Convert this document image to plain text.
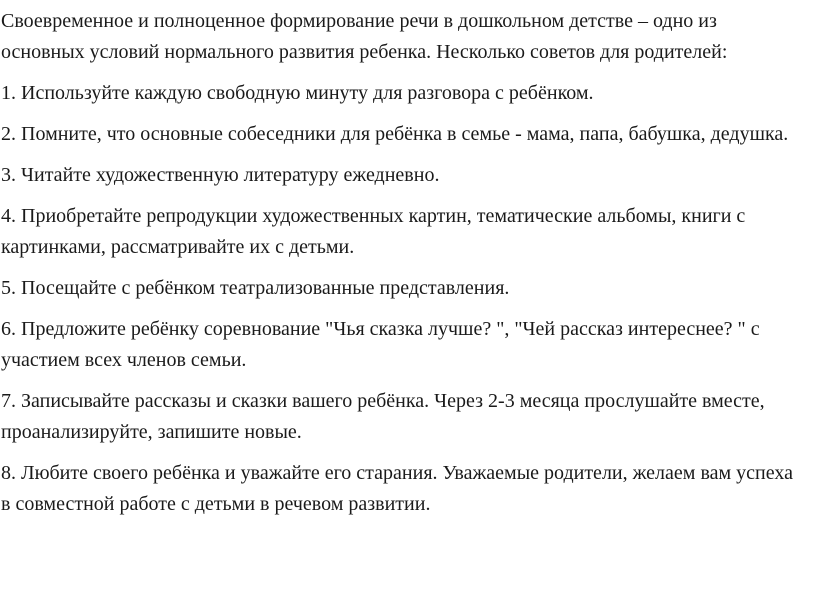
Своевременное и полноценное формирование речи в дошкольном детстве – одно из основных условий нормального развития ребенка. Несколько советов для родителей:

1. Используйте каждую свободную минуту для разговора с ребёнком.
2. Помните, что основные собеседники для ребёнка в семье - мама, папа, бабушка, дедушка.
3. Читайте художественную литературу ежедневно.
4. Приобретайте репродукции художественных картин, тематические альбомы, книги с картинками, рассматривайте их с детьми.
5. Посещайте с ребёнком театрализованные представления.
6. Предложите ребёнку соревнование "Чья сказка лучше? ", "Чей рассказ интереснее? " с участием всех членов семьи.
7. Записывайте рассказы и сказки вашего ребёнка. Через 2-3 месяца прослушайте вместе, проанализируйте, запишите новые.
8. Любите своего ребёнка и уважайте его старания. Уважаемые родители, желаем вам успеха в совместной работе с детьми в речевом развитии.
